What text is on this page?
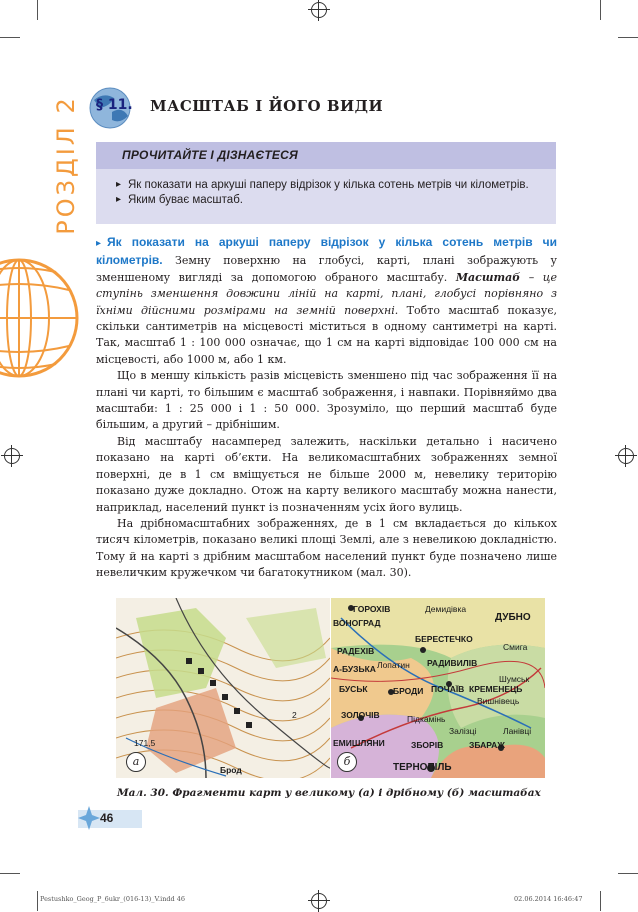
РОЗДІЛ 2 § 11. МАСШТАБ І ЙОГО ВИДИ
ПРОЧИТАЙТЕ І ДІЗНАЄТЕСЯ
▸ Як показати на аркуші паперу відрізок у кілька сотень метрів чи кілометрів.
▸ Яким буває масштаб.

▸ Як показати на аркуші паперу відрізок у кілька сотень метрів чи кілометрів. Земну поверхню на глобусі, карті, плані зображують у зменшеному вигляді за допомогою обраного масштабу. Масштаб – це ступінь зменшення довжини ліній на карті, плані, глобусі порівняно з їхніми дійсними розмірами на земній поверхні. Тобто масштаб показує, скільки сантиметрів на місцевості міститься в одному сантиметрі на карті. Так, масштаб 1 : 100 000 означає, що 1 см на карті відповідає 100 000 см на місцевості, або 1000 м, або 1 км.

Що в меншу кількість разів місцевість зменшено під час зображення її на плані чи карті, то більшим є масштаб зображення, і навпаки. Порівняймо два масштаби: 1 : 25 000 і 1 : 50 000. Зрозуміло, що перший масштаб буде більшим, а другий – дрібнішим.

Від масштабу насамперед залежить, наскільки детально і насичено показано на карті об’єкти. На великомасштабних зображеннях земної поверхні, де в 1 см вміщується не більше 2000 м, невелику територію показано дуже докладно. Отож на карту великого масштабу можна нанести, наприклад, населений пункт із позначенням усіх його вулиць.

На дрібномасштабних зображеннях, де в 1 см вкладається до кількох тисяч кілометрів, показано великі площі Землі, але з невеликою докладністю. Тому й на карті з дрібним масштабом населений пункт буде позначено лише невеличким кружечком чи багатокутником (мал. 30).

Брод
171,5
2
а
ГОРОХІВ	Демидівка
ДУБНО
ВОНОГРАД
БЕРЕСТЕЧКО
Смига
РАДЕХІВ
Лопатин РАДИВИЛІВ
А-БУЗЬКА
Шумськ
БУСЬК	БРОДИ ПОЧАЇВ КРЕМЕНЕЦЬ
Вишнівець
ЗОЛОЧІВ	Підкамінь
Залізці
ЗБОРІВ	ЗБАРАЖ
ЕМИШЛЯНИ
Ланівці
ТЕРНОПІЛЬ
б
Мал. 30. Фрагменти карт у великому (а) і дрібному (б) масштабах
46
Pestushko_Geog_P_6ukr_(016-13)_V.indd 46	02.06.2014 16:46:47
